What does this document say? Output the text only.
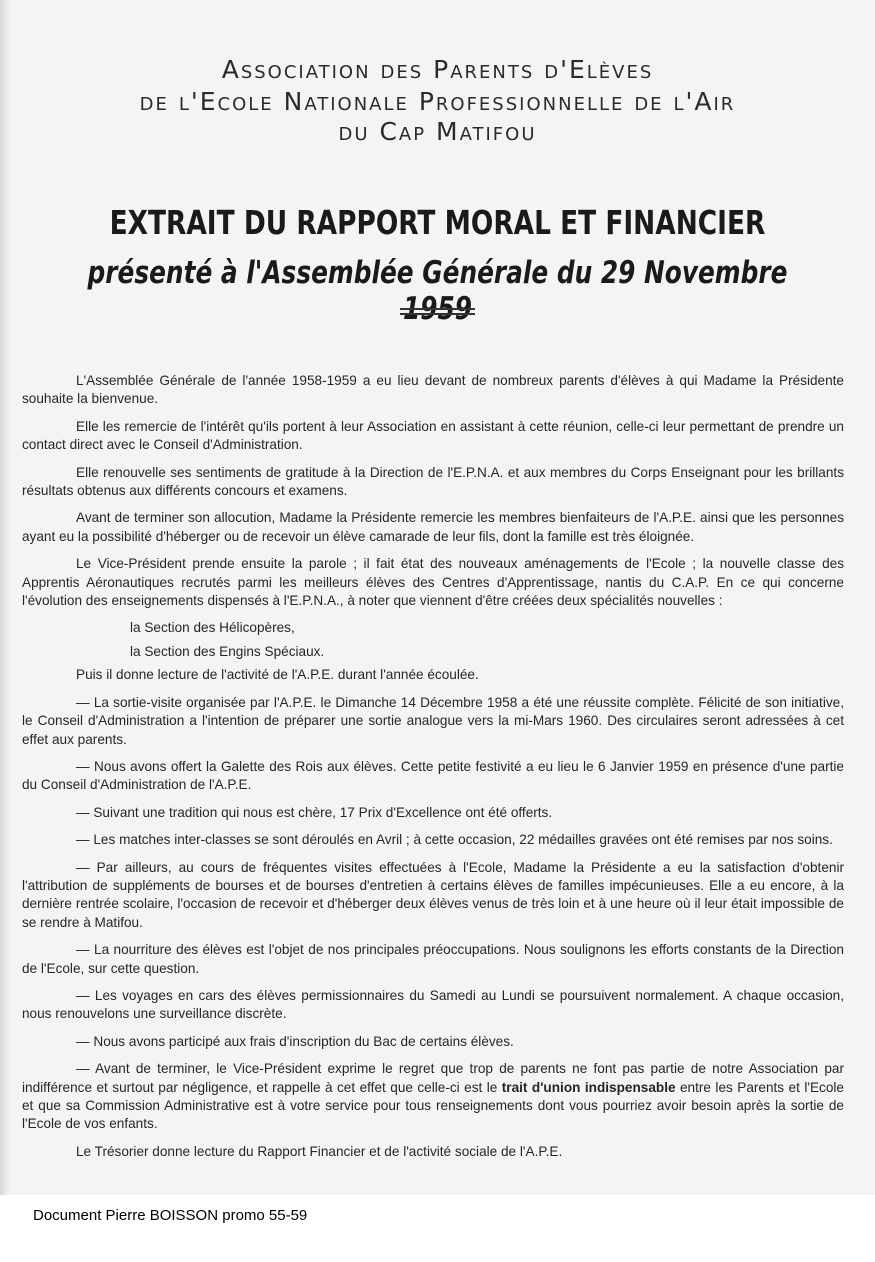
Association des Parents d'Elèves
de l'Ecole Nationale Professionnelle de l'Air
du Cap Matifou
EXTRAIT DU RAPPORT MORAL ET FINANCIER
présenté à l'Assemblée Générale du 29 Novembre

L'Assemblée Générale de l'année 1958-1959 a eu lieu devant de nombreux parents d'élèves à qui Madame la Présidente souhaite la bienvenue.

Elle les remercie de l'intérêt qu'ils portent à leur Association en assistant à cette réunion, celle-ci leur permettant de prendre un contact direct avec le Conseil d'Administration.

Elle renouvelle ses sentiments de gratitude à la Direction de l'E.P.N.A. et aux membres du Corps Enseignant pour les brillants résultats obtenus aux différents concours et examens.

Avant de terminer son allocution, Madame la Présidente remercie les membres bienfaiteurs de l'A.P.E. ainsi que les personnes ayant eu la possibilité d'héberger ou de recevoir un élève camarade de leur fils, dont la famille est très éloignée.

Le Vice-Président prende ensuite la parole ; il fait état des nouveaux aménagements de l'Ecole ; la nouvelle classe des Apprentis Aéronautiques recrutés parmi les meilleurs élèves des Centres d'Apprentissage, nantis du C.A.P. En ce qui concerne l'évolution des enseignements dispensés à l'E.P.N.A., à noter que viennent d'être créées deux spécialités nouvelles :

la Section des Hélicopères,

la Section des Engins Spéciaux.

Puis il donne lecture de l'activité de l'A.P.E. durant l'année écoulée.

— La sortie-visite organisée par l'A.P.E. le Dimanche 14 Décembre 1958 a été une réussite complète. Félicité de son initiative, le Conseil d'Administration a l'intention de préparer une sortie analogue vers la mi-Mars 1960. Des circulaires seront adressées à cet effet aux parents.

— Nous avons offert la Galette des Rois aux élèves. Cette petite festivité a eu lieu le 6 Janvier 1959 en présence d'une partie du Conseil d'Administration de l'A.P.E.

— Suivant une tradition qui nous est chère, 17 Prix d'Excellence ont été offerts.

— Les matches inter-classes se sont déroulés en Avril ; à cette occasion, 22 médailles gravées ont été remises par nos soins.

— Par ailleurs, au cours de fréquentes visites effectuées à l'Ecole, Madame la Présidente a eu la satisfaction d'obtenir l'attribution de suppléments de bourses et de bourses d'entretien à certains élèves de familles impécunieuses. Elle a eu encore, à la dernière rentrée scolaire, l'occasion de recevoir et d'héberger deux élèves venus de très loin et à une heure où il leur était impossible de se rendre à Matifou.

— La nourriture des élèves est l'objet de nos principales préoccupations. Nous soulignons les efforts constants de la Direction de l'Ecole, sur cette question.

— Les voyages en cars des élèves permissionnaires du Samedi au Lundi se poursuivent normalement. A chaque occasion, nous renouvelons une surveillance discrète.

— Nous avons participé aux frais d'inscription du Bac de certains élèves.

— Avant de terminer, le Vice-Président exprime le regret que trop de parents ne font pas partie de notre Association par indifférence et surtout par négligence, et rappelle à cet effet que celle-ci est le trait d'union indispensable entre les Parents et l'Ecole et que sa Commission Administrative est à votre service pour tous renseignements dont vous pourriez avoir besoin après la sortie de l'Ecole de vos enfants.

Le Trésorier donne lecture du Rapport Financier et de l'activité sociale de l'A.P.E.

Document Pierre BOISSON promo 55-59
